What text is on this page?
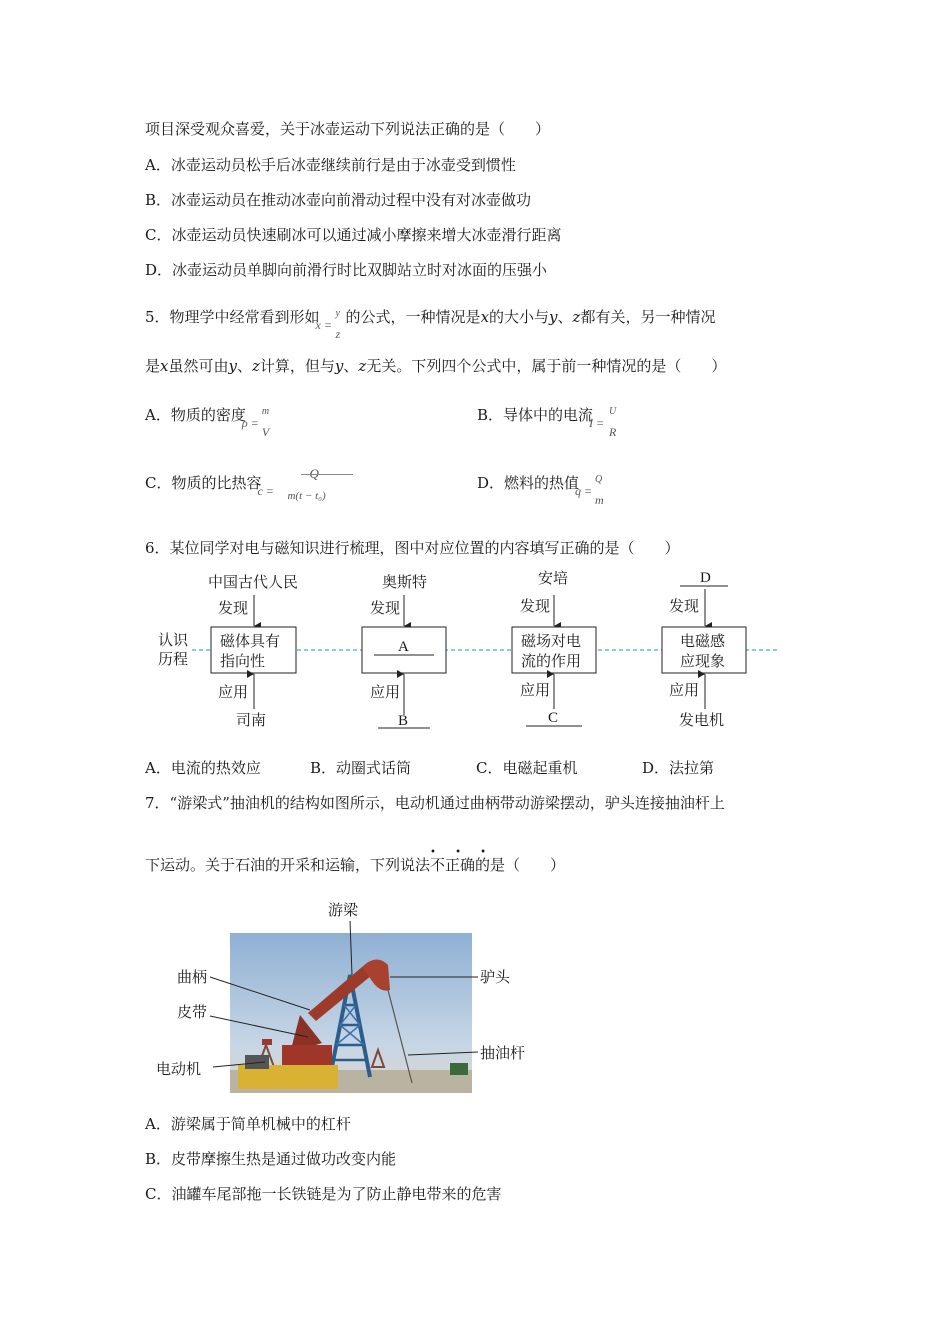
项目深受观众喜爱，关于冰壶运动下列说法正确的是（　　）
A．冰壶运动员松手后冰壶继续前行是由于冰壶受到惯性
B．冰壶运动员在推动冰壶向前滑动过程中没有对冰壶做功
C．冰壶运动员快速刷冰可以通过减小摩擦来增大冰壶滑行距离
D．冰壶运动员单脚向前滑行时比双脚站立时对冰面的压强小
5．物理学中经常看到形如
x =
y
z
的公式，一种情况是x的大小与y、z都有关，另一种情况
是x虽然可由y、z计算，但与y、z无关。下列四个公式中，属于前一种情况的是（　　）
A．物质的密度
ρ =
m
V
B．导体中的电流
I =
U
R
C．物质的比热容
c =
Q
m(t − t₀)
D．燃料的热值
q =
Q
m
6．某位同学对电与磁知识进行梳理，图中对应位置的内容填写正确的是（　　）
认识
历程
中国古代人民
发现
磁体具有
指向性
应用
司南
奥斯特
发现
A
应用
B
安培
发现
磁场对电
流的作用
应用
C
D
发现
电磁感
应现象
应用
发电机
A．电流的热效应	B．动圈式话筒	C．电磁起重机	D．法拉第
7．“游梁式”抽油机的结构如图所示，电动机通过曲柄带动游梁摆动，驴头连接抽油杆上
下运动。关于石油的开采和运输，下列说法
• • •
不正确的是（　　）
游梁
曲柄
皮带
电动机
驴头
抽油杆
A．游梁属于简单机械中的杠杆
B．皮带摩擦生热是通过做功改变内能
C．油罐车尾部拖一长铁链是为了防止静电带来的危害
